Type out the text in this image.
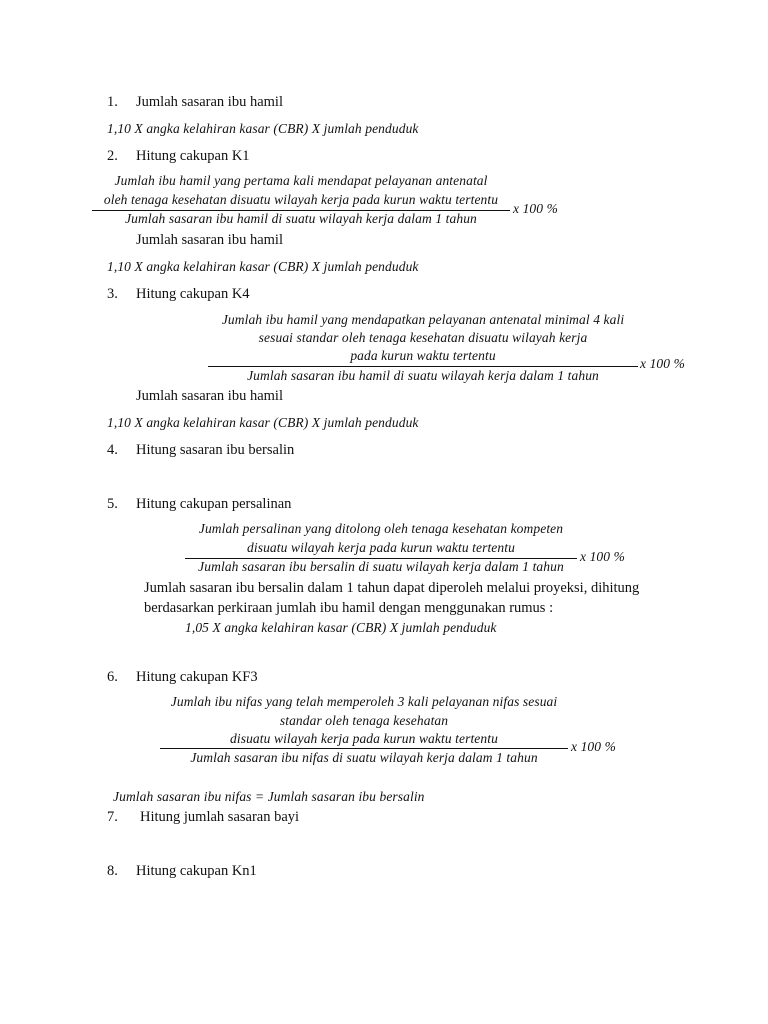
1. Jumlah sasaran ibu hamil
1,10 X angka kelahiran kasar (CBR) X jumlah penduduk
2. Hitung cakupan K1
Jumlah ibu hamil yang pertama kali mendapat pelayanan antenatal
oleh tenaga kesehatan disuatu wilayah kerja pada kurun waktu tertentu
Jumlah sasaran ibu hamil di suatu wilayah kerja dalam 1 tahun
x 100 %
Jumlah sasaran ibu hamil
1,10 X angka kelahiran kasar (CBR) X jumlah penduduk
3. Hitung cakupan K4
Jumlah ibu hamil yang mendapatkan pelayanan antenatal minimal 4 kali
sesuai standar oleh tenaga kesehatan disuatu wilayah kerja
pada kurun waktu tertentu
Jumlah sasaran ibu hamil di suatu wilayah kerja dalam 1 tahun
x 100 %
Jumlah sasaran ibu hamil
1,10 X angka kelahiran kasar (CBR) X jumlah penduduk
4. Hitung sasaran ibu bersalin
5. Hitung cakupan persalinan
Jumlah persalinan yang ditolong oleh tenaga kesehatan kompeten
disuatu wilayah kerja pada kurun waktu tertentu
Jumlah sasaran ibu bersalin di suatu wilayah kerja dalam 1 tahun
x 100 %
Jumlah sasaran ibu bersalin dalam 1 tahun dapat diperoleh melalui proyeksi, dihitung
berdasarkan perkiraan jumlah ibu hamil dengan menggunakan rumus :
1,05 X angka kelahiran kasar (CBR) X jumlah penduduk
6. Hitung cakupan KF3
Jumlah ibu nifas yang telah memperoleh 3 kali pelayanan nifas sesuai
standar oleh tenaga kesehatan
disuatu wilayah kerja pada kurun waktu tertentu
Jumlah sasaran ibu nifas di suatu wilayah kerja dalam 1 tahun
x 100 %
Jumlah sasaran ibu nifas = Jumlah sasaran ibu bersalin
7. Hitung jumlah sasaran bayi
8. Hitung cakupan Kn1
